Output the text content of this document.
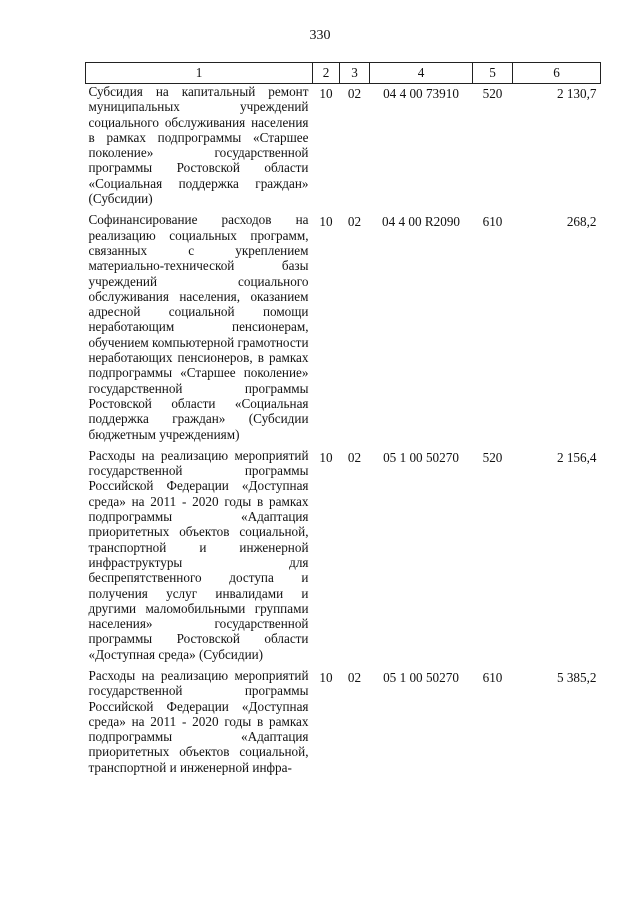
330
1	2	3	4	5	6
Субсидия на капитальный ремонт муниципальных учреждений социального обслуживания населения в рамках подпрограммы «Старшее поколение» государственной программы Ростовской области «Социальная поддержка граждан» (Субсидии)	10	02	04 4 00 73910	520	2 130,7
Софинансирование расходов на реализацию социальных программ, связанных с укреплением материально-технической базы учреждений социального обслуживания населения, оказанием адресной социальной помощи неработающим пенсионерам, обучением компьютерной грамотности неработающих пенсионеров, в рамках подпрограммы «Старшее поколение» государственной программы Ростовской области «Социальная поддержка граждан» (Субсидии бюджетным учреждениям)	10	02	04 4 00 R2090	610	268,2
Расходы на реализацию мероприятий государственной программы Российской Федерации «Доступная среда» на 2011 - 2020 годы в рамках подпрограммы «Адаптация приоритетных объектов социальной, транспортной и инженерной инфраструктуры для беспрепятственного доступа и получения услуг инвалидами и другими маломобильными группами населения» государственной программы Ростовской области «Доступная среда» (Субсидии)	10	02	05 1 00 50270	520	2 156,4
Расходы на реализацию мероприятий государственной программы Российской Федерации «Доступная среда» на 2011 - 2020 годы в рамках подпрограммы «Адаптация приоритетных объектов социальной, транспортной и инженерной инфра-	10	02	05 1 00 50270	610	5 385,2
